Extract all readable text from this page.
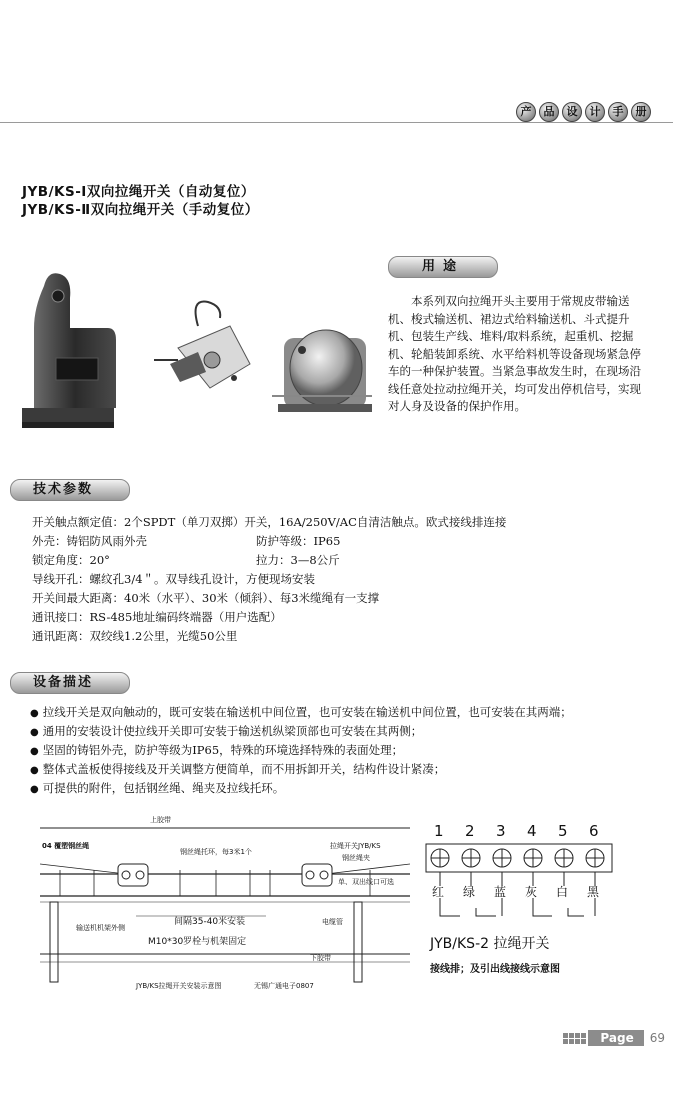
产	品	设	计	手	册
JYB/KS-Ⅰ双向拉绳开关（自动复位）
JYB/KS-Ⅱ双向拉绳开关（手动复位）
用途
本系列双向拉绳开头主要用于常规皮带输送机、梭式输送机、裙边式给料输送机、斗式提升机、包装生产线、堆料/取料系统，起重机、挖掘机、轮船装卸系统、水平给料机等设备现场紧急停车的一种保护装置。当紧急事故发生时，在现场沿线任意处拉动拉绳开关，均可发出停机信号，实现对人身及设备的保护作用。
技术参数
开关触点额定值：2个SPDT（单刀双掷）开关，16A/250V/AC自清洁触点。欧式接线排连接
外壳：铸铝防风雨外壳	防护等级：IP65
锁定角度：20°	拉力：3—8公斤
导线开孔：螺纹孔3/4＂。双导线孔设计，方便现场安装
开关间最大距离：40米（水平）、30米（倾斜）、每3米缆绳有一支撑
通讯接口：RS-485地址编码终端器（用户选配）
通讯距离：双绞线1.2公里，光缆50公里
设备描述
● 拉线开关是双向触动的，既可安装在输送机中间位置，也可安装在输送机中间位置，也可安装在其两端；
● 通用的安装设计使拉线开关即可安装于输送机纵梁顶部也可安装在其两侧；
● 坚固的铸铝外壳，防护等级为IP65，特殊的环境选择特殊的表面处理；
● 整体式盖板使得接线及开关调整方便简单，而不用拆卸开关，结构件设计紧凑；
● 可提供的附件，包括钢丝绳、绳夹及拉线托环。
上胶带
下胶带
04 覆塑钢丝绳
钢丝绳托环，每3米1个
拉绳开关JYB/KS
钢丝绳夹
单、双出线口可选
输送机机架外侧
间隔35-40米安装	电缆管
M10*30罗栓与机架固定
JYB/KS拉绳开关安装示意图	无锡广通电子0807
1 2 3 4 5 6
红 绿 蓝 灰 白 黑
JYB/KS-2 拉绳开关
接线排；及引出线接线示意图
Page	69
